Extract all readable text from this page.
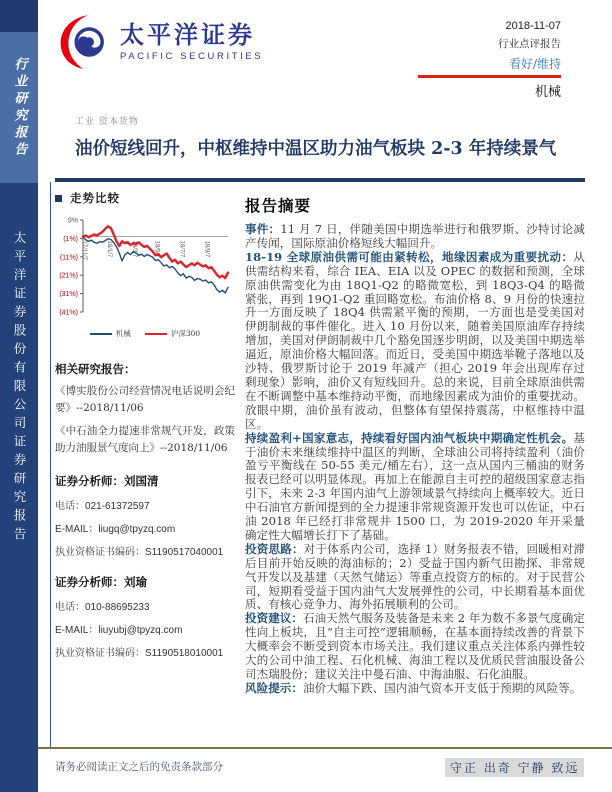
行业研究报告
太平洋证券股份有限公司证券研究报告
太平洋证券
PACIFIC SECURITIES
2018-11-07
行业点评报告
看好/维持
机械
工业 资本货物
油价短线回升，中枢维持中温区助力油气板块 2-3 年持续景气
走势比较
9%
(1%)
(11%)
(21%)
(31%)
(41%)
17/11/7	18/1/7	18/3/7	18/5/7	18/7/7	18/9/7
机械	沪深300
相关研究报告：

《博实股份公司经营情况电话说明会纪要》--2018/11/06

《中石油全力提速非常规气开发，政策助力油服景气度向上》--2018/11/06

证券分析师：刘国清
电话：021-61372597
E-MAIL：liugq@tpyzq.com
执业资格证书编码：S1190517040001
证券分析师：刘瑜
电话：010-88695233
E-MAIL：liuyubj@tpyzq.com
执业资格证书编码：S1190518010001
报告摘要

事件：11 月 7 日，伴随美国中期选举进行和俄罗斯、沙特讨论减产传闻，国际原油价格短线大幅回升。

18-19 全球原油供需可能由紧转松，地缘因素成为重要扰动：从供需结构来看，综合 IEA、EIA 以及 OPEC 的数据和预测，全球原油供需变化为由 18Q1-Q2 的略微宽松，到 18Q3-Q4 的略微紧张，再到 19Q1-Q2 重回略宽松。布油价格 8、9 月份的快速拉升一方面反映了 18Q4 供需紧平衡的预期，一方面也是受美国对伊朗制裁的事件催化。进入 10 月份以来，随着美国原油库存持续增加，美国对伊朗制裁中几个豁免国逐步明朗，以及美国中期选举逼近，原油价格大幅回落。而近日，受美国中期选举靴子落地以及沙特、俄罗斯讨论于 2019 年减产（担心 2019 年会出现库存过剩现象）影响，油价又有短线回升。总的来说，目前全球原油供需在不断调整中基本维持动平衡，而地缘因素成为油价的重要扰动。放眼中期，油价虽有波动，但整体有望保持震荡，中枢维持中温区。

持续盈利+国家意志，持续看好国内油气板块中期确定性机会。基于油价未来继续维持中温区的判断，全球油公司将持续盈利（油价盈亏平衡线在 50-55 美元/桶左右），这一点从国内三桶油的财务报表已经可以明显体现。再加上在能源自主可控的超级国家意志指引下，未来 2-3 年国内油气上游领域景气持续向上概率较大。近日中石油官方新闻提到的全力提速非常规资源开发也可以佐证，中石油 2018 年已经打非常规井 1500 口，为 2019-2020 年开采量确定性大幅增长打下了基础。

投资思路：对于体系内公司，选择 1）财务报表不错，回暖相对滞后目前开始反映的海油标的；2）受益于国内新气田勘探、非常规气开发以及基建（天然气储运）等重点投资方的标的。对于民营公司，短期看受益于国内油气大发展弹性的公司，中长期看基本面优质、有核心竞争力、海外拓展顺利的公司。

投资建议：石油天然气服务及装备是未来 2 年为数不多景气度确定性向上板块，且“自主可控”逻辑顺畅，在基本面持续改善的背景下大概率会不断受到资本市场关注。我们建议重点关注体系内弹性较大的公司中油工程、石化机械、海油工程以及优质民营油服设备公司杰瑞股份；建议关注中曼石油、中海油服、石化油服。

风险提示：油价大幅下跌、国内油气资本开支低于预期的风险等。

请务必阅读正文之后的免责条款部分	守正 出奇 宁静 致远
